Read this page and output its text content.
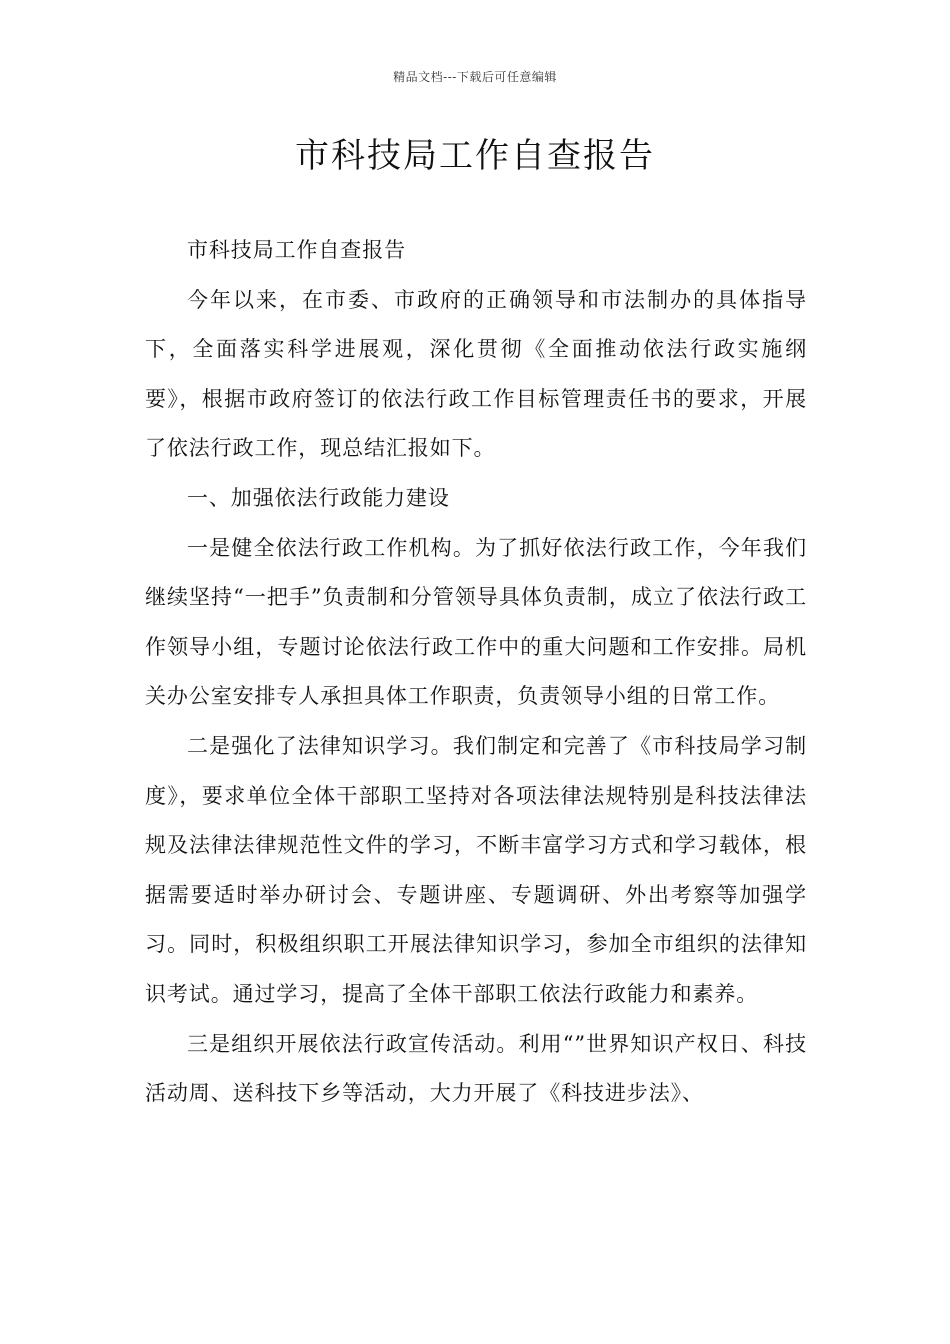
精品文档---下载后可任意编辑
市科技局工作自查报告

市科技局工作自查报告

今年以来，在市委、市政府的正确领导和市法制办的具体指导下，全面落实科学进展观，深化贯彻《全面推动依法行政实施纲要》，根据市政府签订的依法行政工作目标管理责任书的要求，开展了依法行政工作，现总结汇报如下。

一、加强依法行政能力建设

一是健全依法行政工作机构。为了抓好依法行政工作，今年我们继续坚持“一把手”负责制和分管领导具体负责制，成立了依法行政工作领导小组，专题讨论依法行政工作中的重大问题和工作安排。局机关办公室安排专人承担具体工作职责，负责领导小组的日常工作。

二是强化了法律知识学习。我们制定和完善了《市科技局学习制度》，要求单位全体干部职工坚持对各项法律法规特别是科技法律法规及法律法律规范性文件的学习，不断丰富学习方式和学习载体，根据需要适时举办研讨会、专题讲座、专题调研、外出考察等加强学习。同时，积极组织职工开展法律知识学习，参加全市组织的法律知识考试。通过学习，提高了全体干部职工依法行政能力和素养。

三是组织开展依法行政宣传活动。利用“”世界知识产权日、科技活动周、送科技下乡等活动，大力开展了《科技进步法》、
